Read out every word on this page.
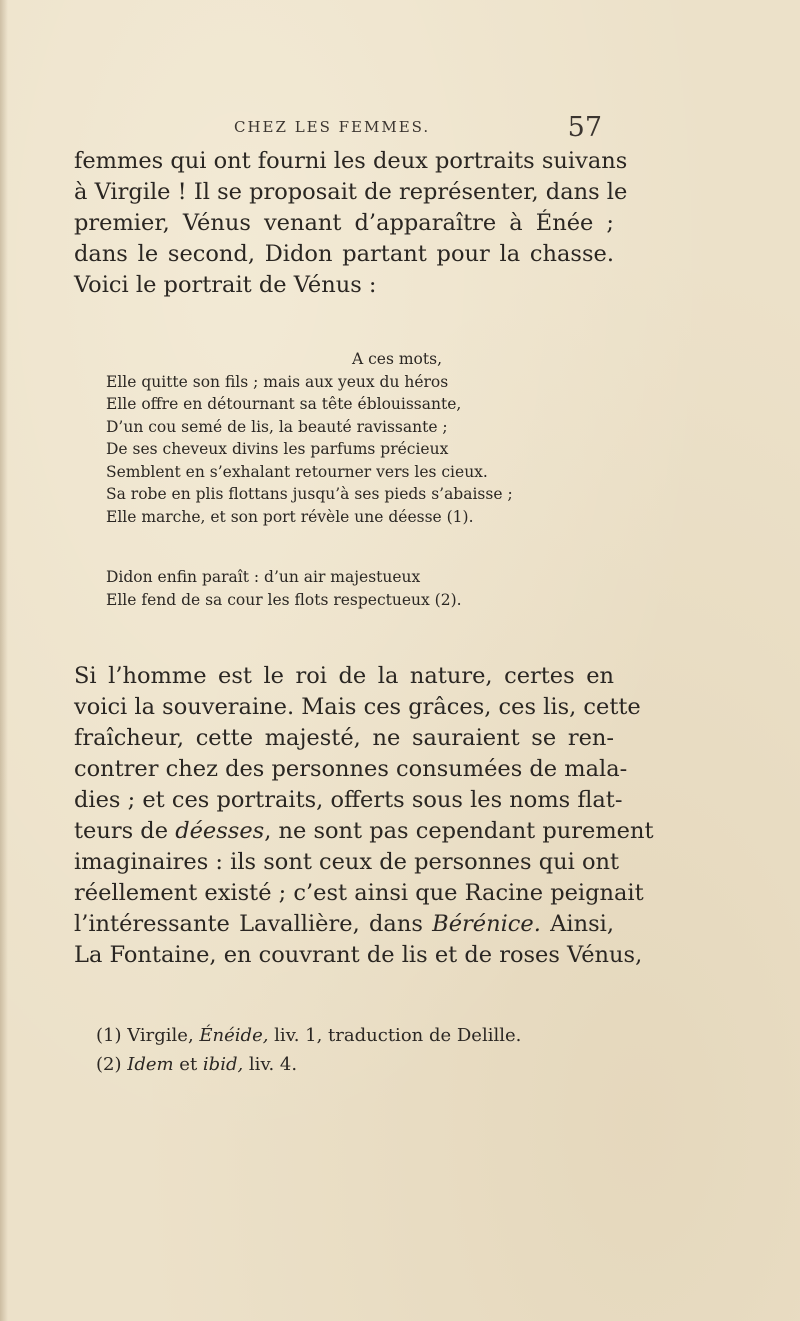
CHEZ LES FEMMES.	57
femmes qui ont fourni les deux portraits suivans
à Virgile ! Il se proposait de représenter, dans le
premier, Vénus venant d’apparaître à Énée ;
dans le second, Didon partant pour la chasse.
Voici le portrait de Vénus :
A ces mots,
Elle quitte son fils ; mais aux yeux du héros
Elle offre en détournant sa tête éblouissante,
D’un cou semé de lis, la beauté ravissante ;
De ses cheveux divins les parfums précieux
Semblent en s’exhalant retourner vers les cieux.
Sa robe en plis flottans jusqu’à ses pieds s’abaisse ;
Elle marche, et son port révèle une déesse (1).
Didon enfin paraît : d’un air majestueux
Elle fend de sa cour les flots respectueux (2).
Si l’homme est le roi de la nature, certes en
voici la souveraine. Mais ces grâces, ces lis, cette
fraîcheur, cette majesté, ne sauraient se ren-
contrer chez des personnes consumées de mala-
dies ; et ces portraits, offerts sous les noms flat-
teurs de déesses, ne sont pas cependant purement
imaginaires : ils sont ceux de personnes qui ont
réellement existé ; c’est ainsi que Racine peignait
l’intéressante Lavallière, dans Bérénice. Ainsi,
La Fontaine, en couvrant de lis et de roses Vénus,
(1) Virgile, Énéide, liv. 1, traduction de Delille.
(2) Idem et ibid, liv. 4.
